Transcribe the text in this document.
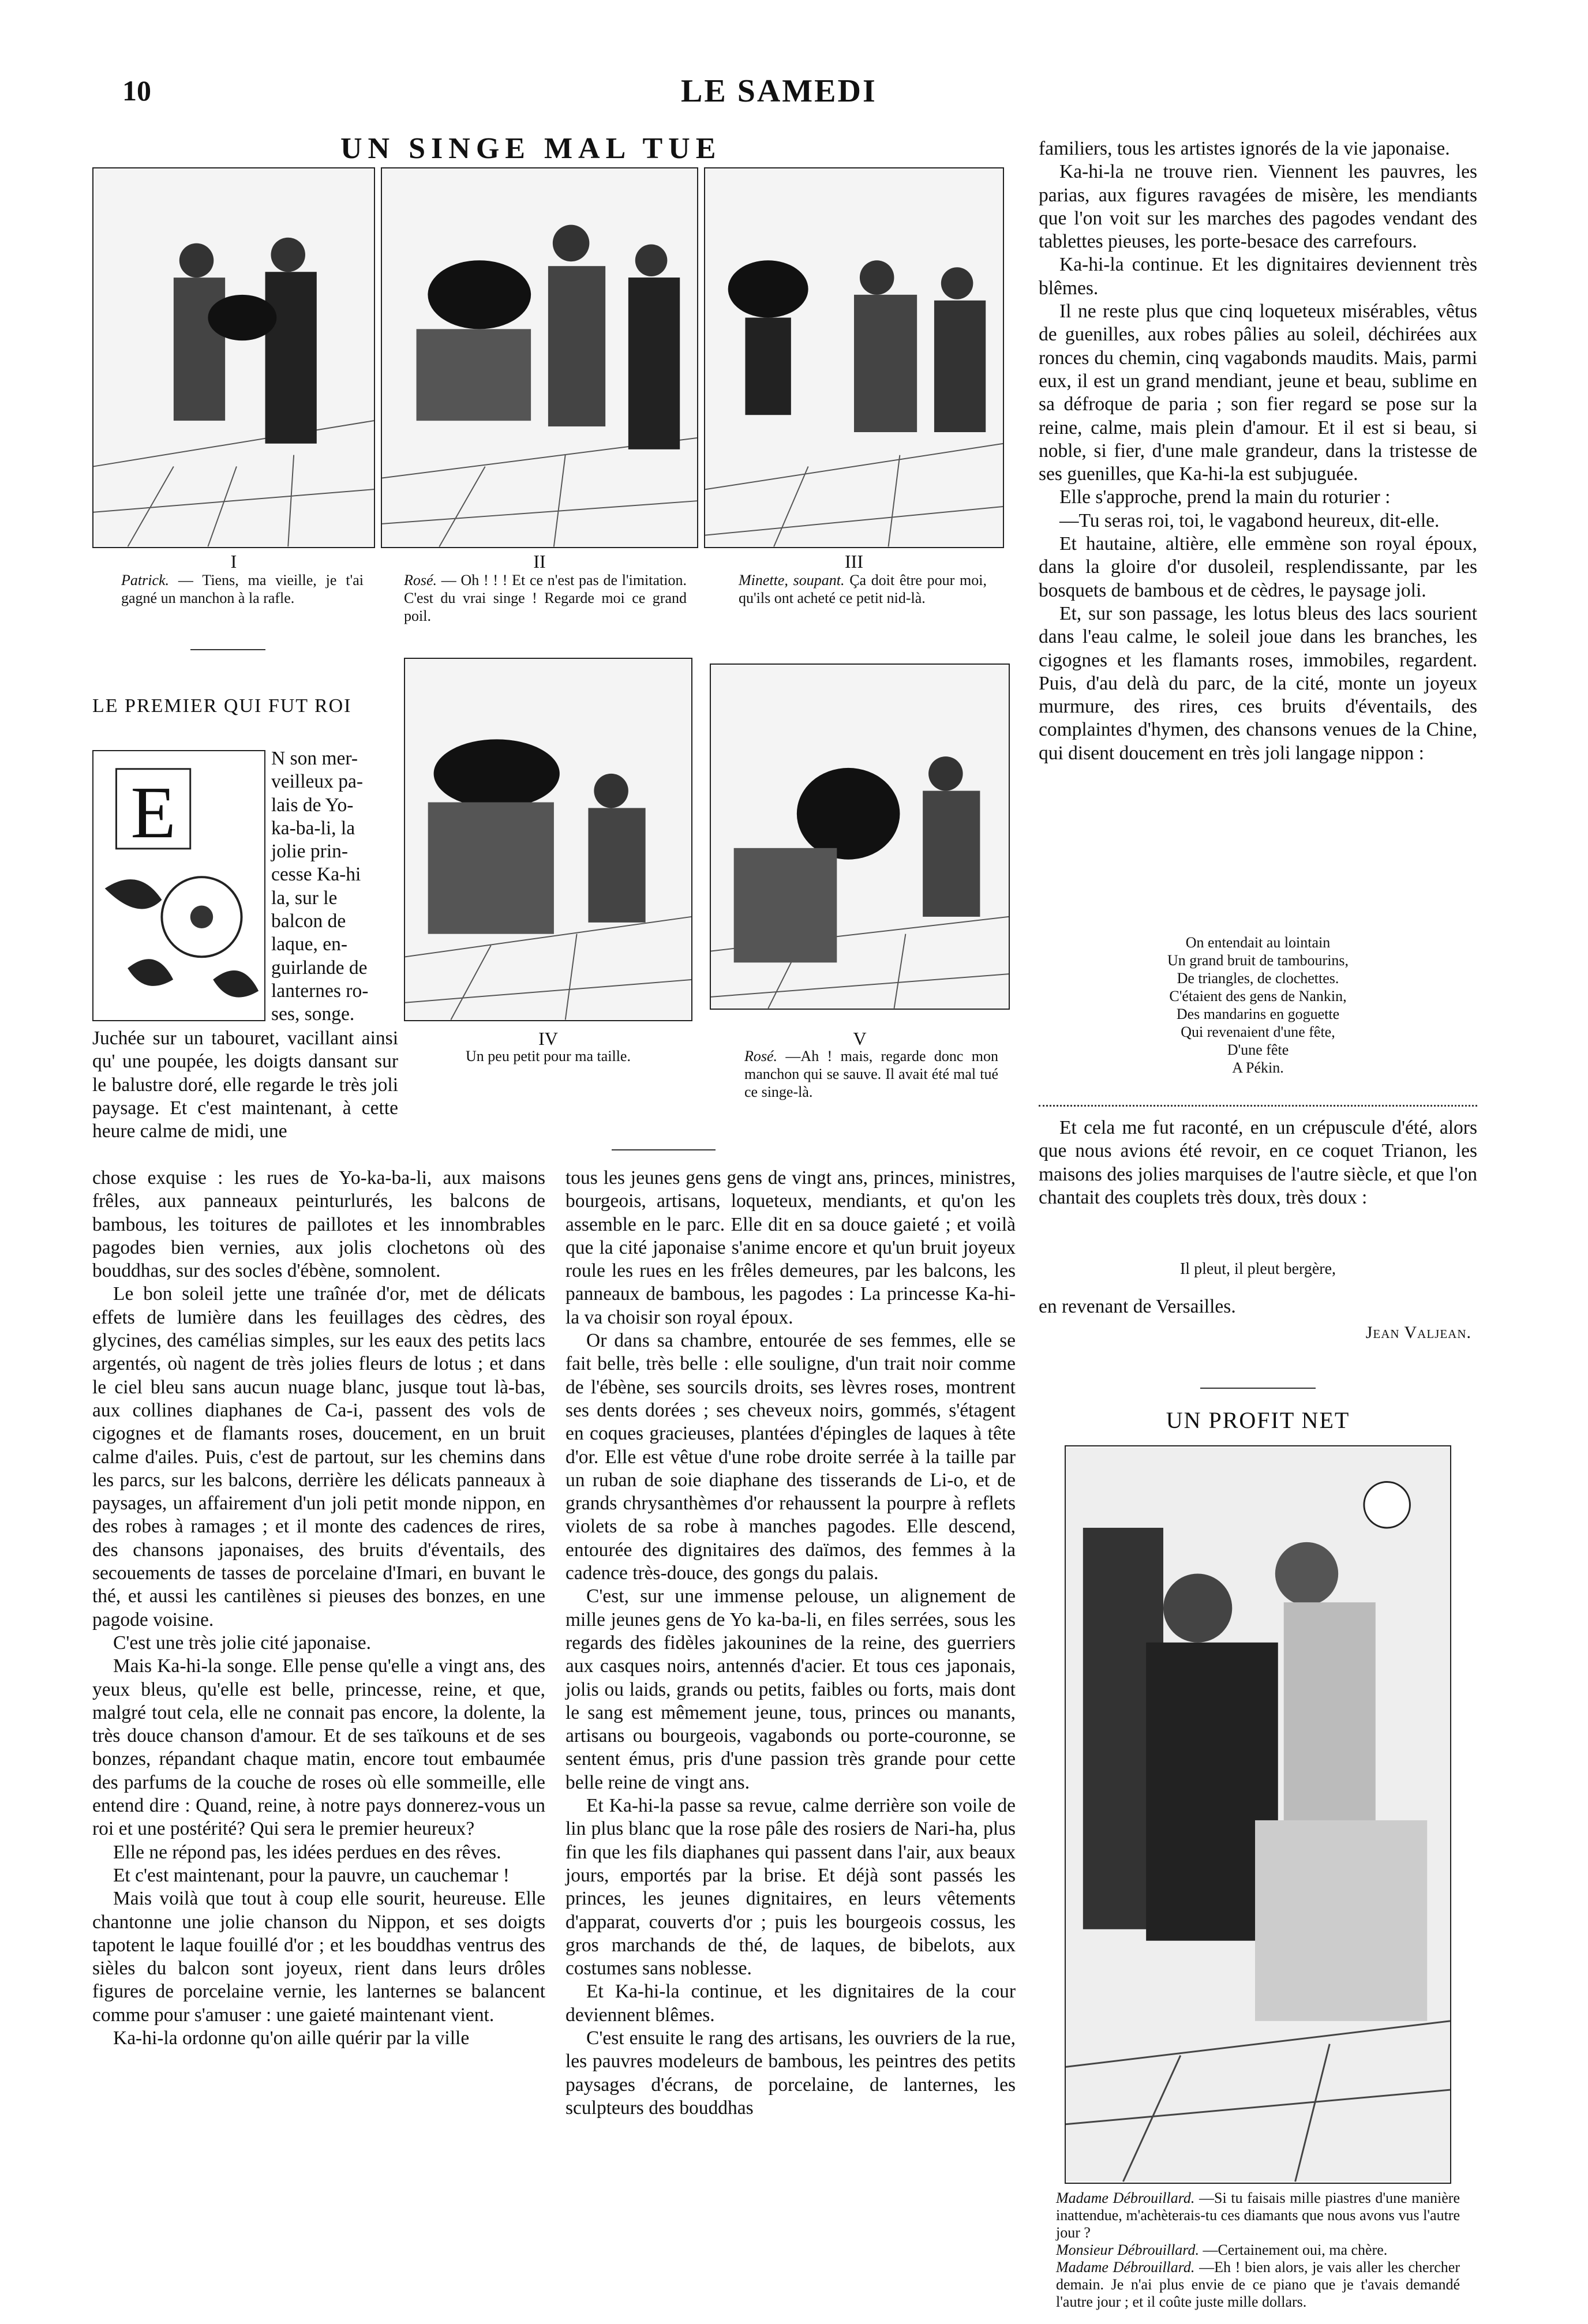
10	LE SAMEDI
UN SINGE MAL TUE
I	II	III
Patrick. — Tiens, ma vieille, je t'ai gagné un manchon à la rafle.
Rosé. — Oh ! ! ! Et ce n'est pas de l'imitation. C'est du vrai singe ! Regarde moi ce grand poil.
Minette, soupant. Ça doit être pour moi, qu'ils ont acheté ce petit nid-là.
IV	V
Un peu petit pour ma taille.	Rosé. —Ah ! mais, regarde donc mon manchon qui se sauve. Il avait été mal tué ce singe-là.
LE PREMIER QUI FUT ROI
E
N son mer-
veilleux pa-
lais de Yo-
ka-ba-li, la
jolie prin-
cesse Ka-hi
la, sur le
balcon de
laque, en-
guirlande de
lanternes ro-
ses, songe.

Juchée sur un tabouret, vacillant ainsi qu' une poupée, les doigts dansant sur le balustre doré, elle regarde le très joli paysage. Et c'est maintenant, à cette heure calme de midi, une

chose exquise : les rues de Yo-ka-ba-li, aux maisons frêles, aux panneaux peinturlurés, les balcons de bambous, les toitures de paillotes et les innombrables pagodes bien vernies, aux jolis clochetons où des bouddhas, sur des socles d'ébène, somnolent.

Le bon soleil jette une traînée d'or, met de délicats effets de lumière dans les feuillages des cèdres, des glycines, des camélias simples, sur les eaux des petits lacs argentés, où nagent de très jolies fleurs de lotus ; et dans le ciel bleu sans aucun nuage blanc, jusque tout là-bas, aux collines diaphanes de Ca-i, passent des vols de cigognes et de flamants roses, doucement, en un bruit calme d'ailes. Puis, c'est de partout, sur les chemins dans les parcs, sur les balcons, derrière les délicats panneaux à paysages, un affairement d'un joli petit monde nippon, en des robes à ramages ; et il monte des cadences de rires, des chansons japonaises, des bruits d'éventails, des secouements de tasses de porcelaine d'Imari, en buvant le thé, et aussi les cantilènes si pieuses des bonzes, en une pagode voisine.

C'est une très jolie cité japonaise.

Mais Ka-hi-la songe. Elle pense qu'elle a vingt ans, des yeux bleus, qu'elle est belle, princesse, reine, et que, malgré tout cela, elle ne connait pas encore, la dolente, la très douce chanson d'amour. Et de ses taïkouns et de ses bonzes, répandant chaque matin, encore tout embaumée des parfums de la couche de roses où elle sommeille, elle entend dire : Quand, reine, à notre pays donnerez-vous un roi et une postérité? Qui sera le premier heureux?

Elle ne répond pas, les idées perdues en des rêves.

Et c'est maintenant, pour la pauvre, un cauchemar !

Mais voilà que tout à coup elle sourit, heureuse. Elle chantonne une jolie chanson du Nippon, et ses doigts tapotent le laque fouillé d'or ; et les bouddhas ventrus des sièles du balcon sont joyeux, rient dans leurs drôles figures de porcelaine vernie, les lanternes se balancent comme pour s'amuser : une gaieté maintenant vient.

Ka-hi-la ordonne qu'on aille quérir par la ville

tous les jeunes gens gens de vingt ans, princes, ministres, bourgeois, artisans, loqueteux, mendiants, et qu'on les assemble en le parc. Elle dit en sa douce gaieté ; et voilà que la cité japonaise s'anime encore et qu'un bruit joyeux roule les rues en les frêles demeures, par les balcons, les panneaux de bambous, les pagodes : La princesse Ka-hi-la va choisir son royal époux.

Or dans sa chambre, entourée de ses femmes, elle se fait belle, très belle : elle souligne, d'un trait noir comme de l'ébène, ses sourcils droits, ses lèvres roses, montrent ses dents dorées ; ses cheveux noirs, gommés, s'étagent en coques gracieuses, plantées d'épingles de laques à tête d'or. Elle est vêtue d'une robe droite serrée à la taille par un ruban de soie diaphane des tisserands de Li-o, et de grands chrysanthèmes d'or rehaussent la pourpre à reflets violets de sa robe à manches pagodes. Elle descend, entourée des dignitaires des daïmos, des femmes à la cadence très-douce, des gongs du palais.

C'est, sur une immense pelouse, un alignement de mille jeunes gens de Yo ka-ba-li, en files serrées, sous les regards des fidèles jakounines de la reine, des guerriers aux casques noirs, antennés d'acier. Et tous ces japonais, jolis ou laids, grands ou petits, faibles ou forts, mais dont le sang est mêmement jeune, tous, princes ou manants, artisans ou bourgeois, vagabonds ou porte-couronne, se sentent émus, pris d'une passion très grande pour cette belle reine de vingt ans.

Et Ka-hi-la passe sa revue, calme derrière son voile de lin plus blanc que la rose pâle des rosiers de Nari-ha, plus fin que les fils diaphanes qui passent dans l'air, aux beaux jours, emportés par la brise. Et déjà sont passés les princes, les jeunes dignitaires, en leurs vêtements d'apparat, couverts d'or ; puis les bourgeois cossus, les gros marchands de thé, de laques, de bibelots, aux costumes sans noblesse.

Et Ka-hi-la continue, et les dignitaires de la cour deviennent blêmes.

C'est ensuite le rang des artisans, les ouvriers de la rue, les pauvres modeleurs de bambous, les peintres des petits paysages d'écrans, de porcelaine, de lanternes, les sculpteurs des bouddhas

familiers, tous les artistes ignorés de la vie japonaise.

Ka-hi-la ne trouve rien. Viennent les pauvres, les parias, aux figures ravagées de misère, les mendiants que l'on voit sur les marches des pagodes vendant des tablettes pieuses, les porte-besace des carrefours.

Ka-hi-la continue. Et les dignitaires deviennent très blêmes.

Il ne reste plus que cinq loqueteux misérables, vêtus de guenilles, aux robes pâlies au soleil, déchirées aux ronces du chemin, cinq vagabonds maudits. Mais, parmi eux, il est un grand mendiant, jeune et beau, sublime en sa défroque de paria ; son fier regard se pose sur la reine, calme, mais plein d'amour. Et il est si beau, si noble, si fier, d'une male grandeur, dans la tristesse de ses guenilles, que Ka-hi-la est subjuguée.

Elle s'approche, prend la main du roturier :

—Tu seras roi, toi, le vagabond heureux, dit-elle.

Et hautaine, altière, elle emmène son royal époux, dans la gloire d'or dusoleil, resplendissante, par les bosquets de bambous et de cèdres, le paysage joli.

Et, sur son passage, les lotus bleus des lacs sourient dans l'eau calme, le soleil joue dans les branches, les cigognes et les flamants roses, immobiles, regardent. Puis, d'au delà du parc, de la cité, monte un joyeux murmure, des rires, ces bruits d'éventails, des complaintes d'hymen, des chansons venues de la Chine, qui disent doucement en très joli langage nippon :

On entendait au lointain
Un grand bruit de tambourins,
De triangles, de clochettes.
C'étaient des gens de Nankin,
Des mandarins en goguette
Qui revenaient d'une fête,
D'une fête
A Pékin.

Et cela me fut raconté, en un crépuscule d'été, alors que nous avions été revoir, en ce coquet Trianon, les maisons des jolies marquises de l'autre siècle, et que l'on chantait des couplets très doux, très doux :

Il pleut, il pleut bergère,

en revenant de Versailles.

Jean Valjean.
UN PROFIT NET
Madame Débrouillard. —Si tu faisais mille piastres d'une manière inattendue, m'achèterais-tu ces diamants que nous avons vus l'autre jour ?
Monsieur Débrouillard. —Certainement oui, ma chère.
Madame Débrouillard. —Eh ! bien alors, je vais aller les chercher demain. Je n'ai plus envie de ce piano que je t'avais demandé l'autre jour ; et il coûte juste mille dollars.
